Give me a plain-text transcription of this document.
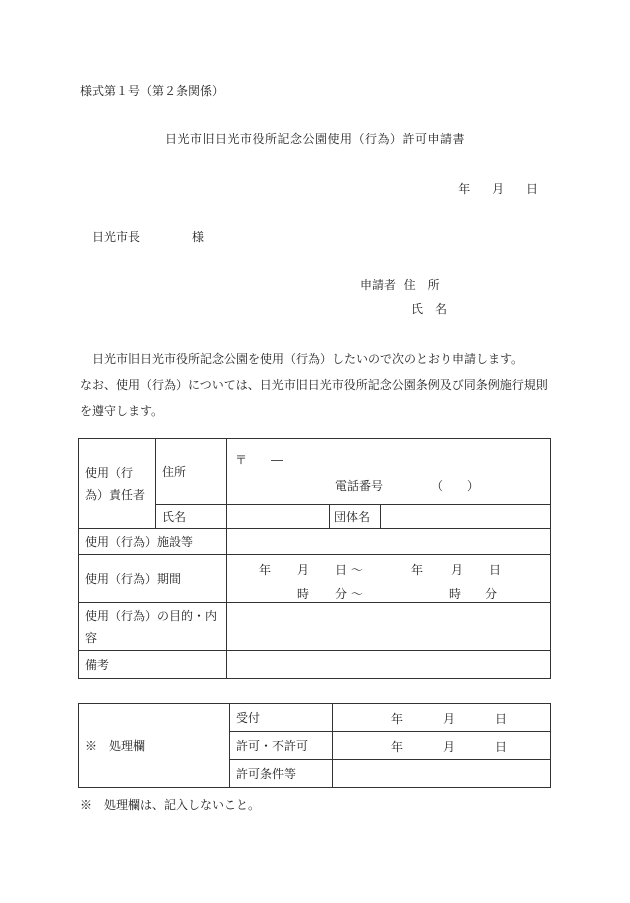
様式第１号（第２条関係）
日光市旧日光市役所記念公園使用（行為）許可申請書
年 月 日
日光市長	様
申請者 住　所
氏　名

日光市旧日光市役所記念公園を使用（行為）したいので次のとおり申請します。

なお、使用（行為）については、日光市旧日光市役所記念公園条例及び同条例施行規則を遵守します。

使用（行為）責任者	住所	〒　　―
電話番号 （　　）		

	氏名		団体名	
使用（行為）施設等				
使用（行為）期間		年 月 日 ～ 年 月 日
時 分 ～ 時 分		

使用（行為）の目的・内容				
備考				
※　処理欄	受付	年 月 日

	許可・不許可	年 月 日

	許可条件等	
※　処理欄は、記入しないこと。
